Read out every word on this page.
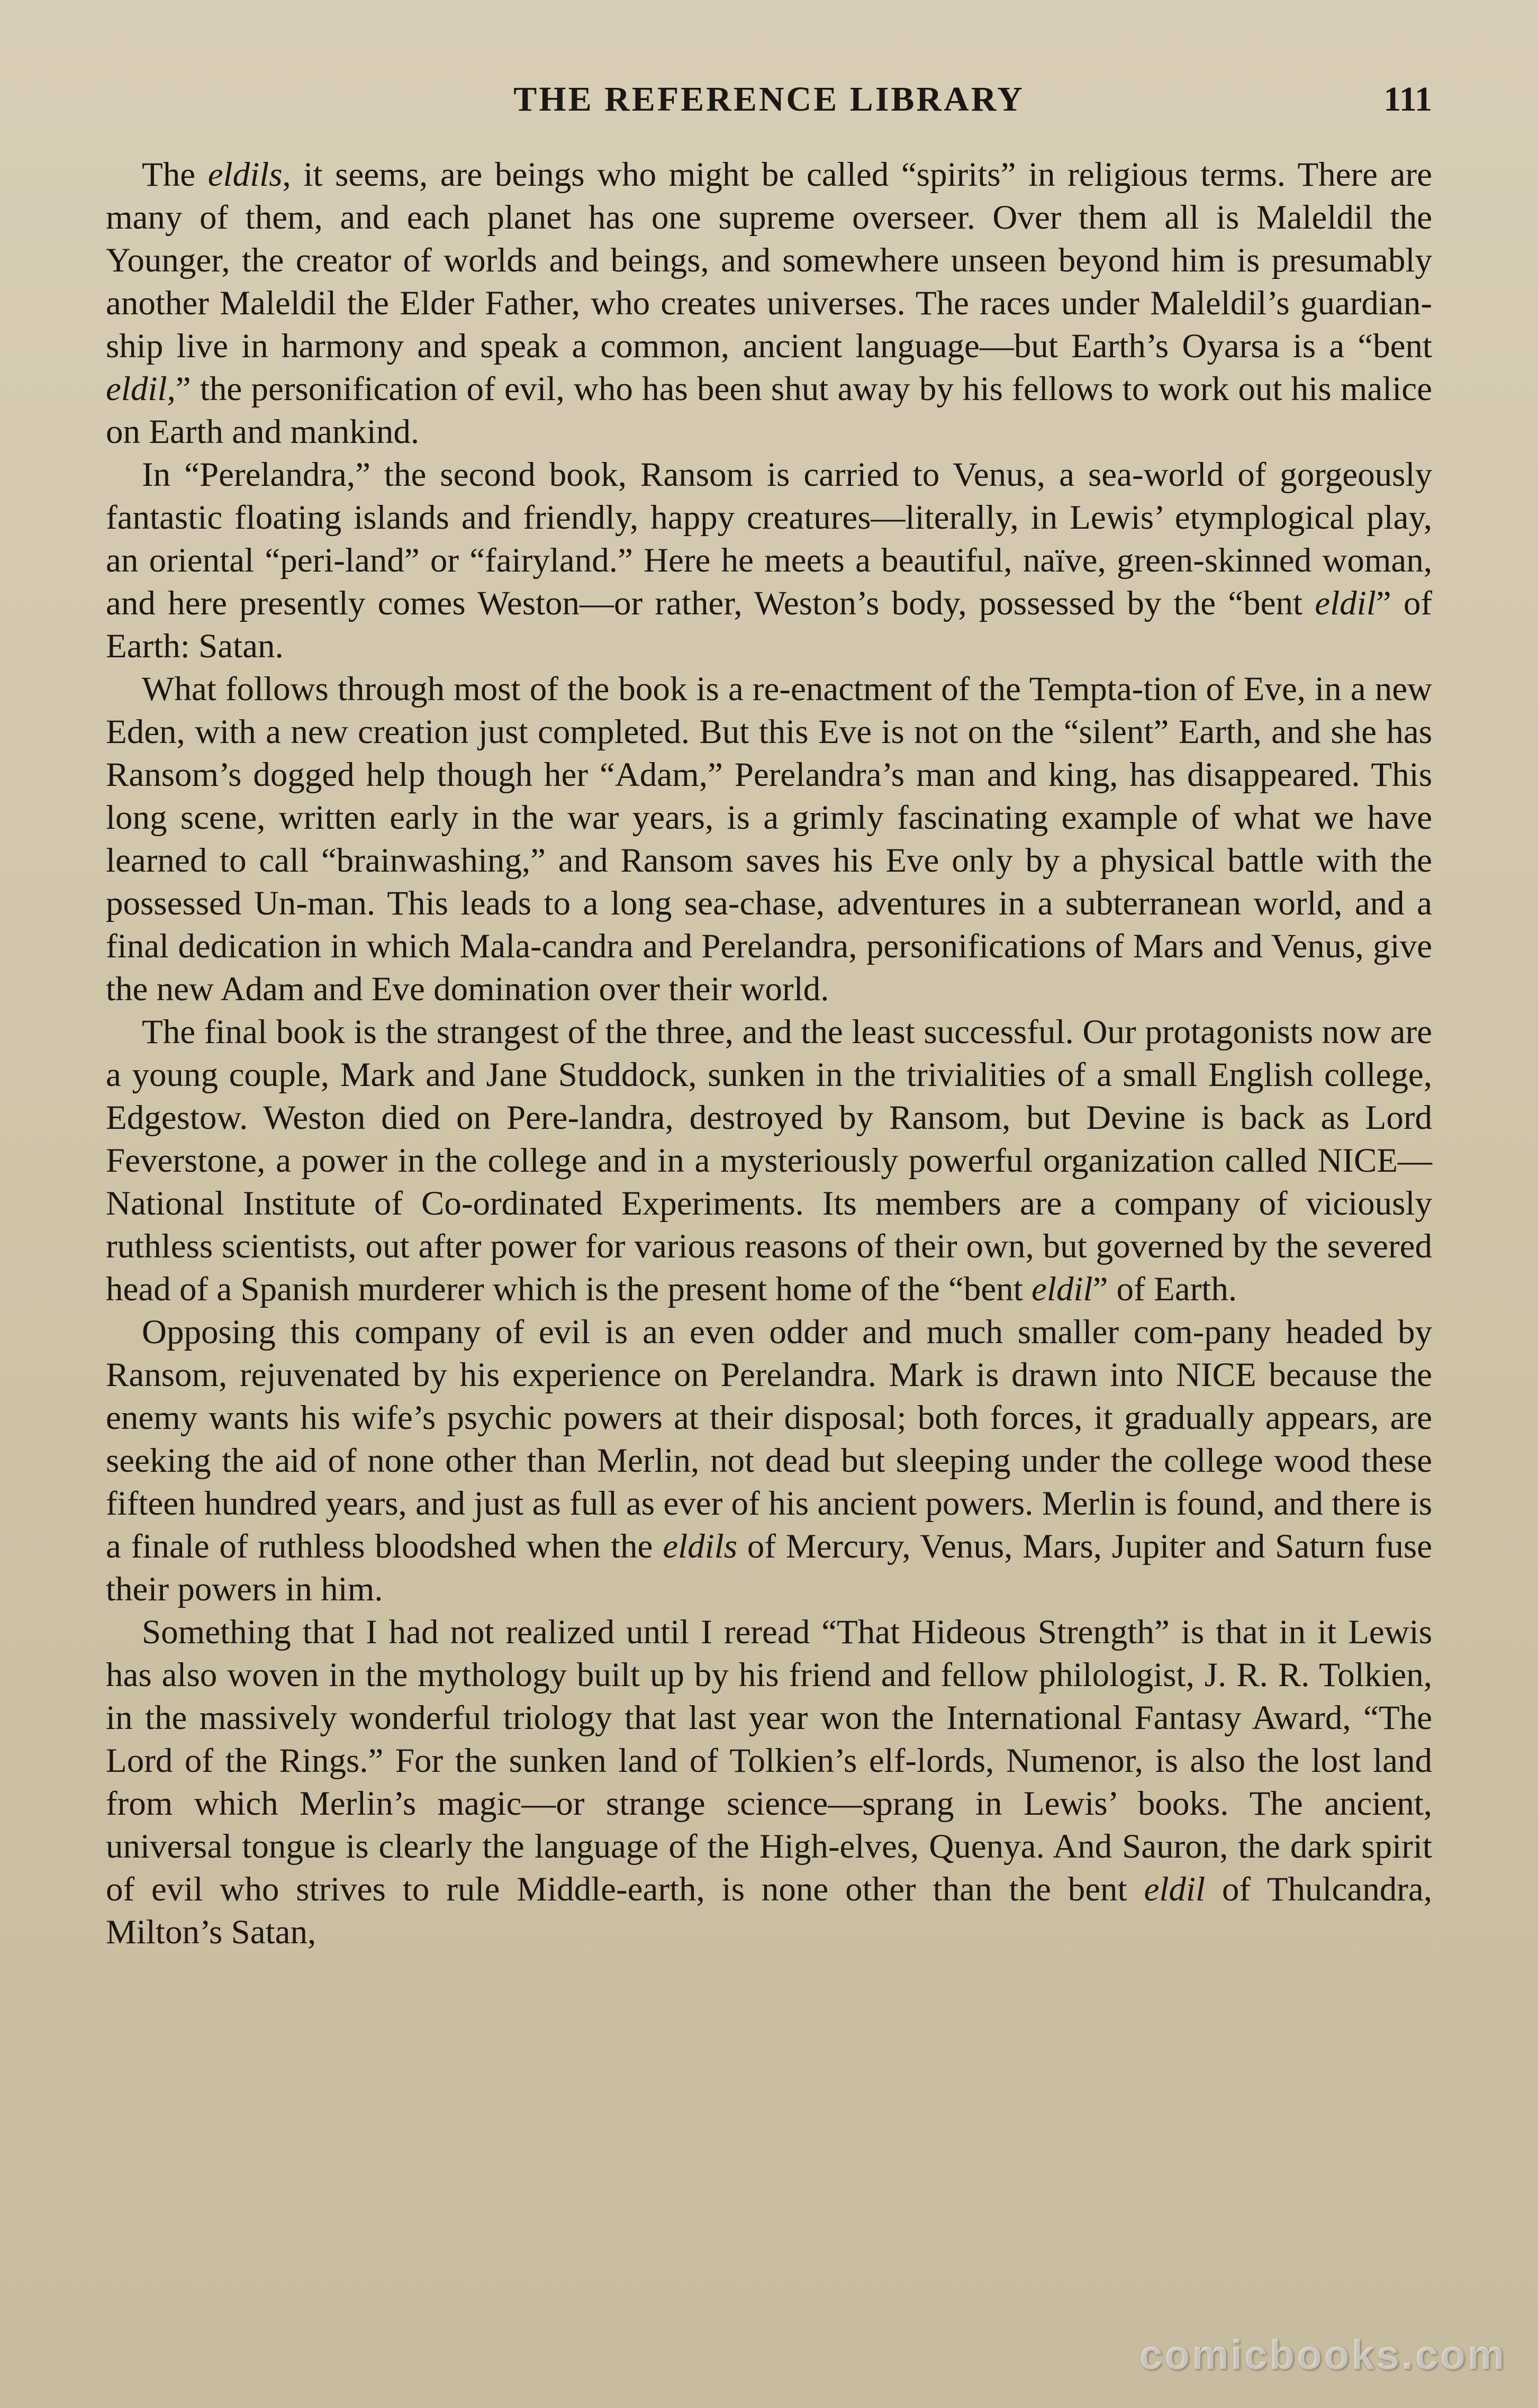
THE REFERENCE LIBRARY	111

The eldils, it seems, are beings who might be called “spirits” in religious terms. There are many of them, and each planet has one supreme overseer. Over them all is Maleldil the Younger, the creator of worlds and beings, and somewhere unseen beyond him is presumably another Maleldil the Elder Father, who creates universes. The races under Maleldil’s guardian-ship live in harmony and speak a common, ancient language—but Earth’s Oyarsa is a “bent eldil,” the personification of evil, who has been shut away by his fellows to work out his malice on Earth and mankind.

In “Perelandra,” the second book, Ransom is carried to Venus, a sea-world of gorgeously fantastic floating islands and friendly, happy creatures—literally, in Lewis’ etymplogical play, an oriental “peri-land” or “fairyland.” Here he meets a beautiful, naïve, green-skinned woman, and here presently comes Weston—or rather, Weston’s body, possessed by the “bent eldil” of Earth: Satan.

What follows through most of the book is a re-enactment of the Tempta-tion of Eve, in a new Eden, with a new creation just completed. But this Eve is not on the “silent” Earth, and she has Ransom’s dogged help though her “Adam,” Perelandra’s man and king, has disappeared. This long scene, written early in the war years, is a grimly fascinating example of what we have learned to call “brainwashing,” and Ransom saves his Eve only by a physical battle with the possessed Un-man. This leads to a long sea-chase, adventures in a subterranean world, and a final dedication in which Mala-candra and Perelandra, personifications of Mars and Venus, give the new Adam and Eve domination over their world.

The final book is the strangest of the three, and the least successful. Our protagonists now are a young couple, Mark and Jane Studdock, sunken in the trivialities of a small English college, Edgestow. Weston died on Pere-landra, destroyed by Ransom, but Devine is back as Lord Feverstone, a power in the college and in a mysteriously powerful organization called NICE—National Institute of Co-ordinated Experiments. Its members are a company of viciously ruthless scientists, out after power for various reasons of their own, but governed by the severed head of a Spanish murderer which is the present home of the “bent eldil” of Earth.

Opposing this company of evil is an even odder and much smaller com-pany headed by Ransom, rejuvenated by his experience on Perelandra. Mark is drawn into NICE because the enemy wants his wife’s psychic powers at their disposal; both forces, it gradually appears, are seeking the aid of none other than Merlin, not dead but sleeping under the college wood these fifteen hundred years, and just as full as ever of his ancient powers. Merlin is found, and there is a finale of ruthless bloodshed when the eldils of Mercury, Venus, Mars, Jupiter and Saturn fuse their powers in him.

Something that I had not realized until I reread “That Hideous Strength” is that in it Lewis has also woven in the mythology built up by his friend and fellow philologist, J. R. R. Tolkien, in the massively wonderful triology that last year won the International Fantasy Award, “The Lord of the Rings.” For the sunken land of Tolkien’s elf-lords, Numenor, is also the lost land from which Merlin’s magic—or strange science—sprang in Lewis’ books. The ancient, universal tongue is clearly the language of the High-elves, Quenya. And Sauron, the dark spirit of evil who strives to rule Middle-earth, is none other than the bent eldil of Thulcandra, Milton’s Satan,

comicbooks.com
